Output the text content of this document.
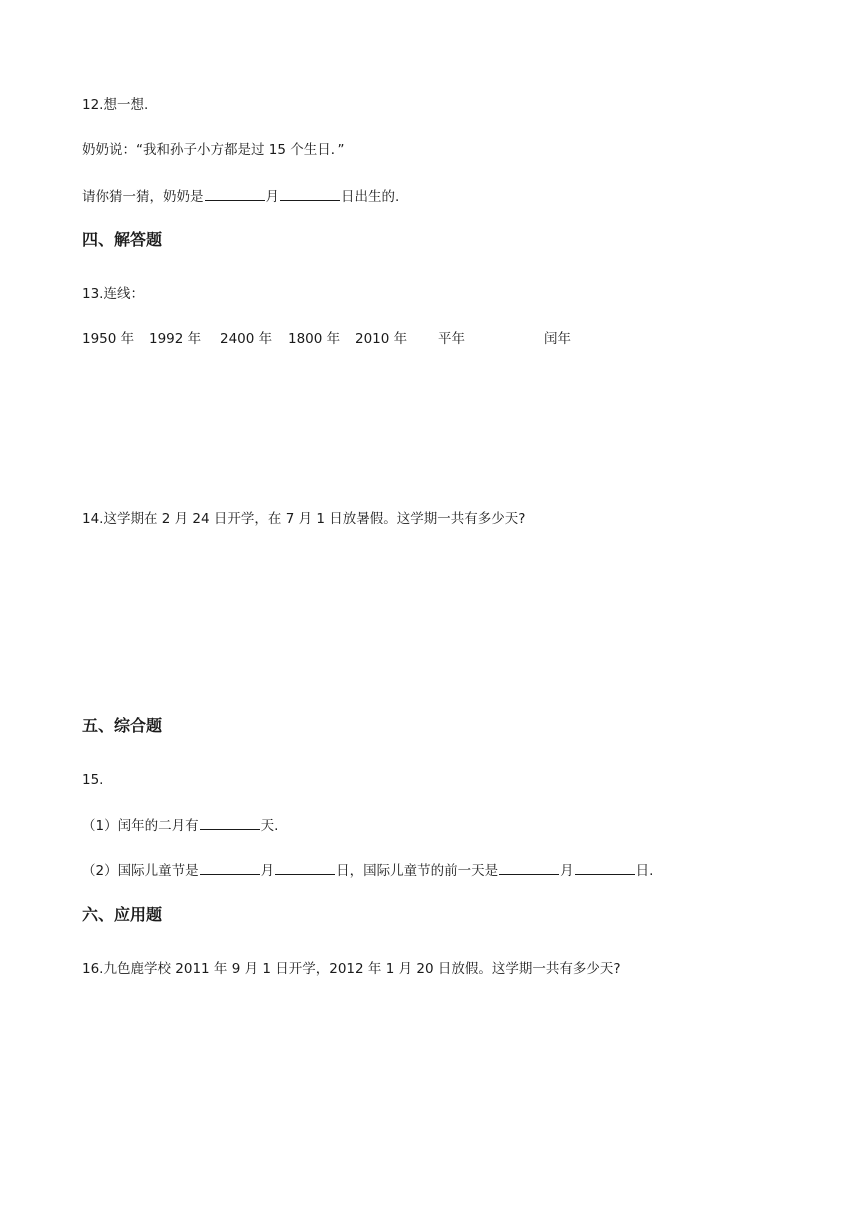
12.想一想.
奶奶说：“我和孙子小方都是过 15 个生日．”
请你猜一猜，奶奶是	月	日出生的.
四、解答题
13.连线：
1950 年 1992 年 2400 年 1800 年 2010 年 平年	闰年
14.这学期在 2 月 24 日开学，在 7 月 1 日放暑假。这学期一共有多少天?
五、综合题
15.
（1）闰年的二月有	天.
（2）国际儿童节是	月	日，国际儿童节的前一天是	月	日.
六、应用题
16.九色鹿学校 2011 年 9 月 1 日开学，2012 年 1 月 20 日放假。这学期一共有多少天?
